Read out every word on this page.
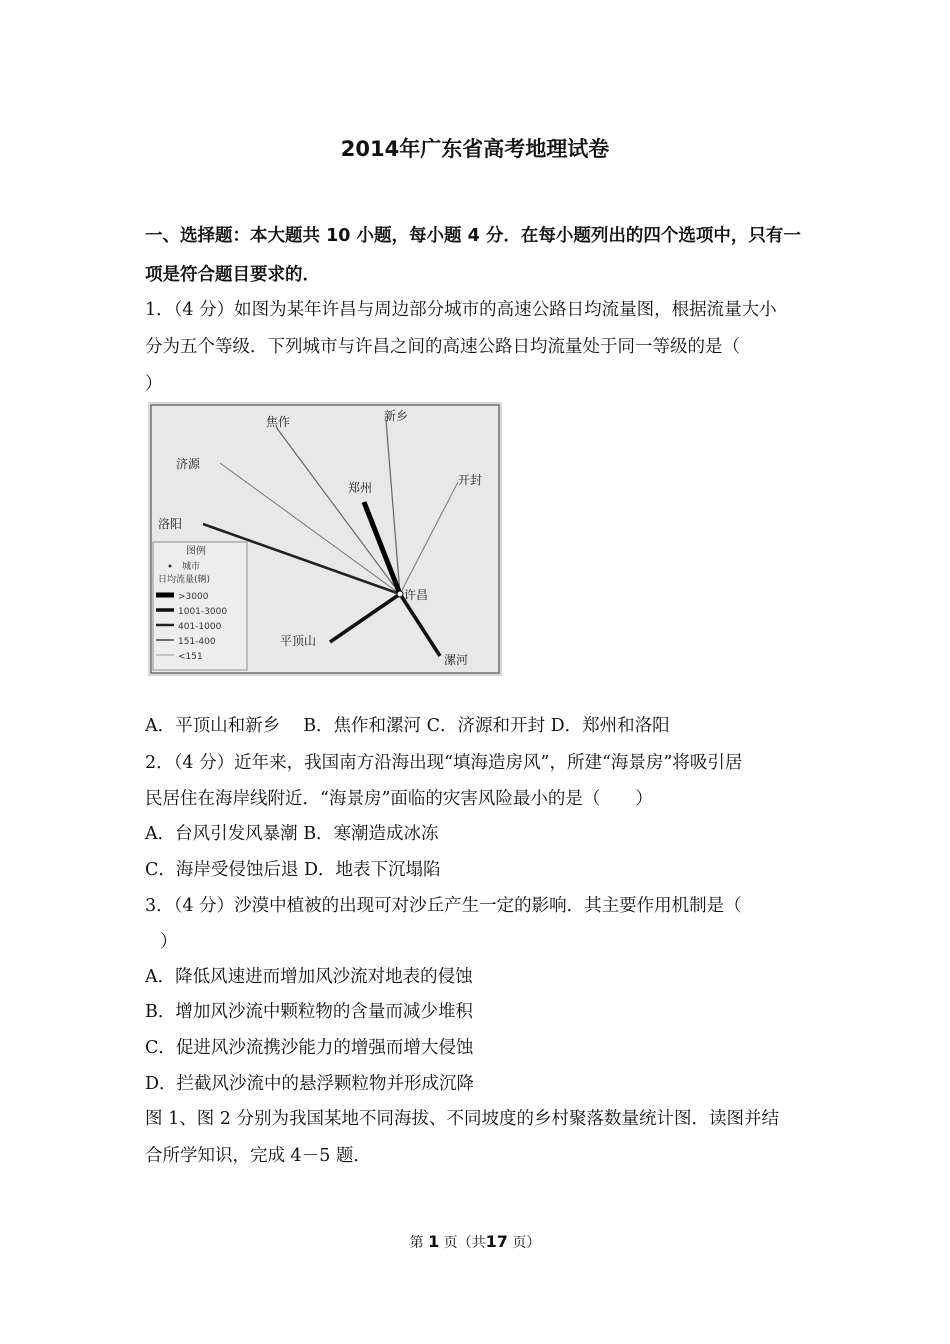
2014年广东省高考地理试卷
一、选择题：本大题共 10 小题，每小题 4 分．在每小题列出的四个选项中，只有一
项是符合题目要求的．
1．（4 分）如图为某年许昌与周边部分城市的高速公路日均流量图，根据流量大小
分为五个等级．下列城市与许昌之间的高速公路日均流量处于同一等级的是（
）
焦作	新乡
济源
郑州
开封
洛阳
许昌
平顶山
漯河
图例
城市
日均流量(辆)
>3000
1001-3000
401-1000
151-400
<151
A．平顶山和新乡　 B．焦作和漯河 C．济源和开封 D．郑州和洛阳
2．（4 分）近年来，我国南方沿海出现“填海造房风”，所建“海景房”将吸引居
民居住在海岸线附近．“海景房”面临的灾害风险最小的是（　　）
A．台风引发风暴潮 B．寒潮造成冰冻
C．海岸受侵蚀后退 D．地表下沉塌陷
3．（4 分）沙漠中植被的出现可对沙丘产生一定的影响．其主要作用机制是（
）
A．降低风速进而增加风沙流对地表的侵蚀
B．增加风沙流中颗粒物的含量而减少堆积
C．促进风沙流携沙能力的增强而增大侵蚀
D．拦截风沙流中的悬浮颗粒物并形成沉降
图 1、图 2 分别为我国某地不同海拔、不同坡度的乡村聚落数量统计图．读图并结
合所学知识，完成 4－5 题．
第 1 页（共17 页）
